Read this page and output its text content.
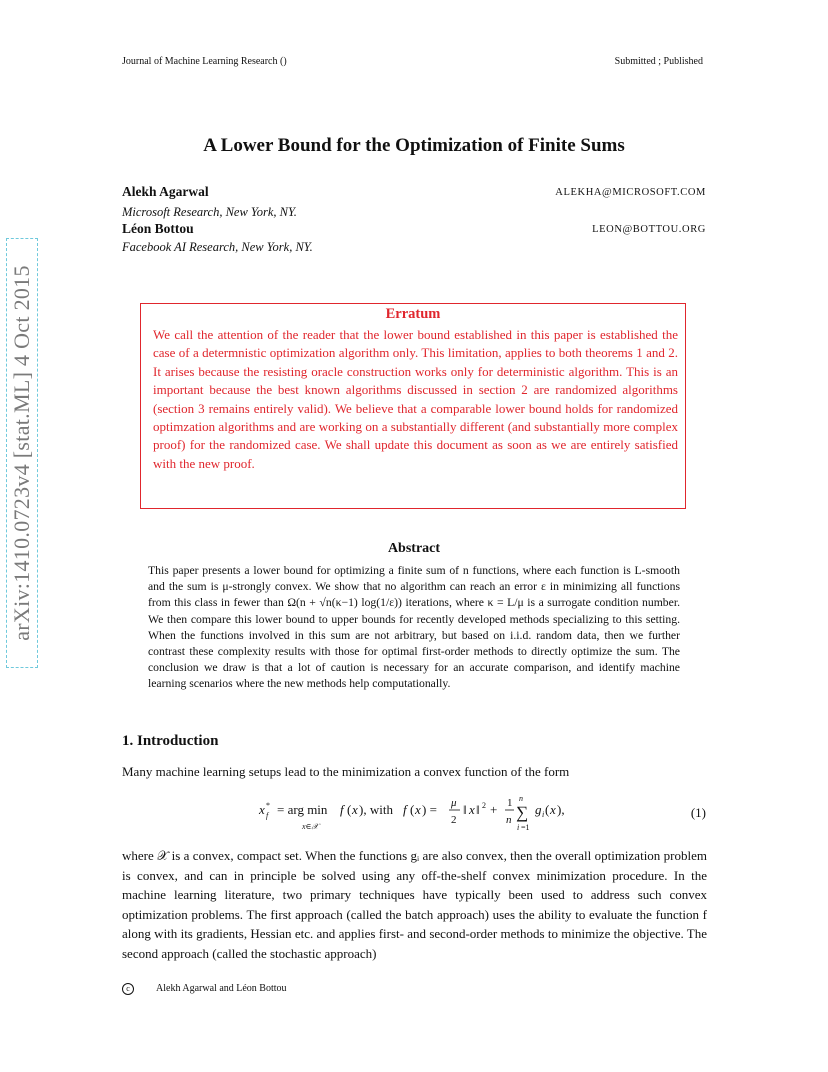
Journal of Machine Learning Research ()	Submitted ; Published
A Lower Bound for the Optimization of Finite Sums
Alekh Agarwal	ALEKHA@MICROSOFT.COM
Microsoft Research, New York, NY.
Léon Bottou	LEON@BOTTOU.ORG
Facebook AI Research, New York, NY.
arXiv:1410.0723v4 [stat.ML] 4 Oct 2015	Erratum
We call the attention of the reader that the lower bound established in this paper is established the case of a determnistic optimization algorithm only. This limitation, applies to both theorems 1 and 2. It arises because the resisting oracle construction works only for deterministic algorithm. This is an important because the best known algorithms discussed in section 2 are randomized algorithms (section 3 remains entirely valid). We believe that a comparable lower bound holds for randomized optimzation algorithms and are working on a substantially different (and substantially more complex proof) for the randomized case. We shall update this document as soon as we are entirely satisfied with the new proof.
Abstract
This paper presents a lower bound for optimizing a finite sum of n functions, where each function is L-smooth and the sum is μ-strongly convex. We show that no algorithm can reach an error ε in minimizing all functions from this class in fewer than Ω(n + √n(κ−1) log(1/ε)) iterations, where κ = L/μ is a surrogate condition number. We then compare this lower bound to upper bounds for recently developed methods specializing to this setting. When the functions involved in this sum are not arbitrary, but based on i.i.d. random data, then we further contrast these complexity results with those for optimal first-order methods to directly optimize the sum. The conclusion we draw is that a lot of caution is necessary for an accurate comparison, and identify machine learning scenarios where the new methods help computationally.
1. Introduction
Many machine learning setups lead to the minimization a convex function of the form
x *
f = arg min f ( x ), with f ( x ) = μ
2
‖ x ‖ 2 + 1
n
n
∑
i =1
g i ( x ),
x∈𝒳
(1)
where 𝒳 is a convex, compact set. When the functions gᵢ are also convex, then the overall optimization problem is convex, and can in principle be solved using any off-the-shelf convex minimization procedure. In the machine learning literature, two primary techniques have typically been used to address such convex optimization problems. The first approach (called the batch approach) uses the ability to evaluate the function f along with its gradients, Hessian etc. and applies first- and second-order methods to minimize the objective. The second approach (called the stochastic approach)
c	Alekh Agarwal and Léon Bottou
